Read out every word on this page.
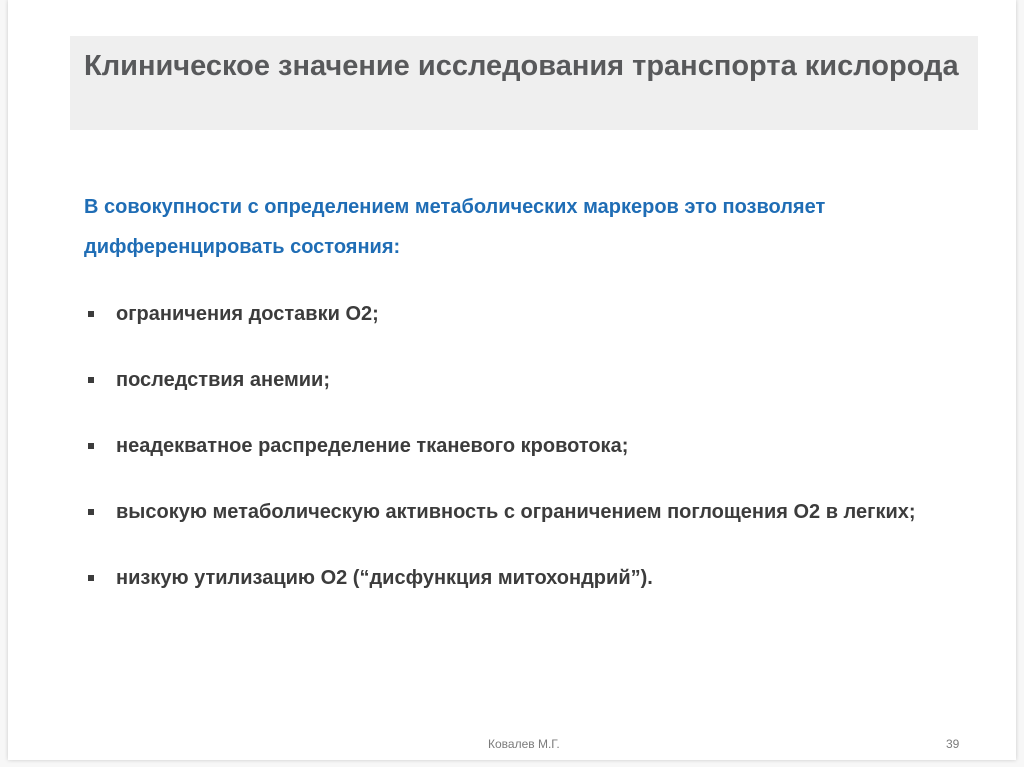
Клиническое значение исследования транспорта кислорода

В совокупности с определением метаболических маркеров это позволяет дифференцировать состояния:

ограничения доставки О2;
последствия анемии;
неадекватное распределение тканевого кровотока;
высокую метаболическую активность с ограничением поглощения О2 в легких;
низкую утилизацию О2 (“дисфункция митохондрий”).
Ковалев М.Г.	39
